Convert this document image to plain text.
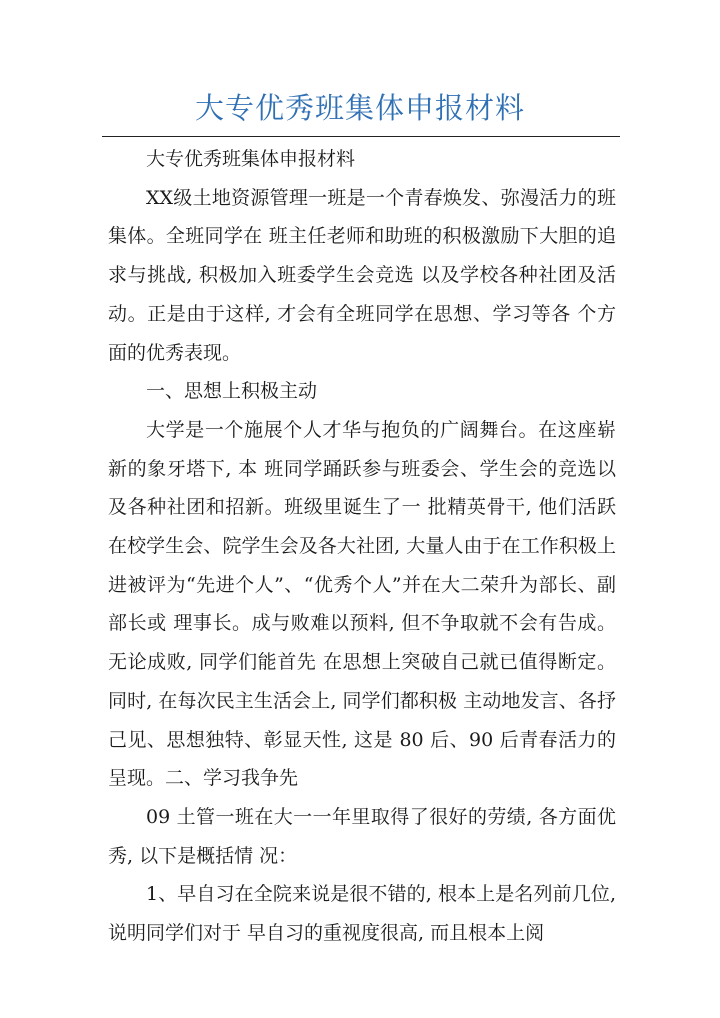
大专优秀班集体申报材料

大专优秀班集体申报材料

XX级土地资源管理一班是一个青春焕发、弥漫活力的班集体。全班同学在 班主任老师和助班的积极激励下大胆的追求与挑战, 积极加入班委学生会竞选 以及学校各种社团及活动。正是由于这样, 才会有全班同学在思想、学习等各 个方面的优秀表现。

一、思想上积极主动

大学是一个施展个人才华与抱负的广阔舞台。在这座崭新的象牙塔下, 本 班同学踊跃参与班委会、学生会的竞选以及各种社团和招新。班级里诞生了一 批精英骨干, 他们活跃在校学生会、院学生会及各大社团, 大量人由于在工作积极上进被评为“先进个人”、“优秀个人”并在大二荣升为部长、副部长或 理事长。成与败难以预料, 但不争取就不会有告成。无论成败, 同学们能首先 在思想上突破自己就已值得断定。同时, 在每次民主生活会上, 同学们都积极 主动地发言、各抒己见、思想独特、彰显天性, 这是 80 后、90 后青春活力的 呈现。二、学习我争先

09 土管一班在大一一年里取得了很好的劳绩, 各方面优秀, 以下是概括情 况：

1、早自习在全院来说是很不错的, 根本上是名列前几位, 说明同学们对于 早自习的重视度很高, 而且根本上阅
